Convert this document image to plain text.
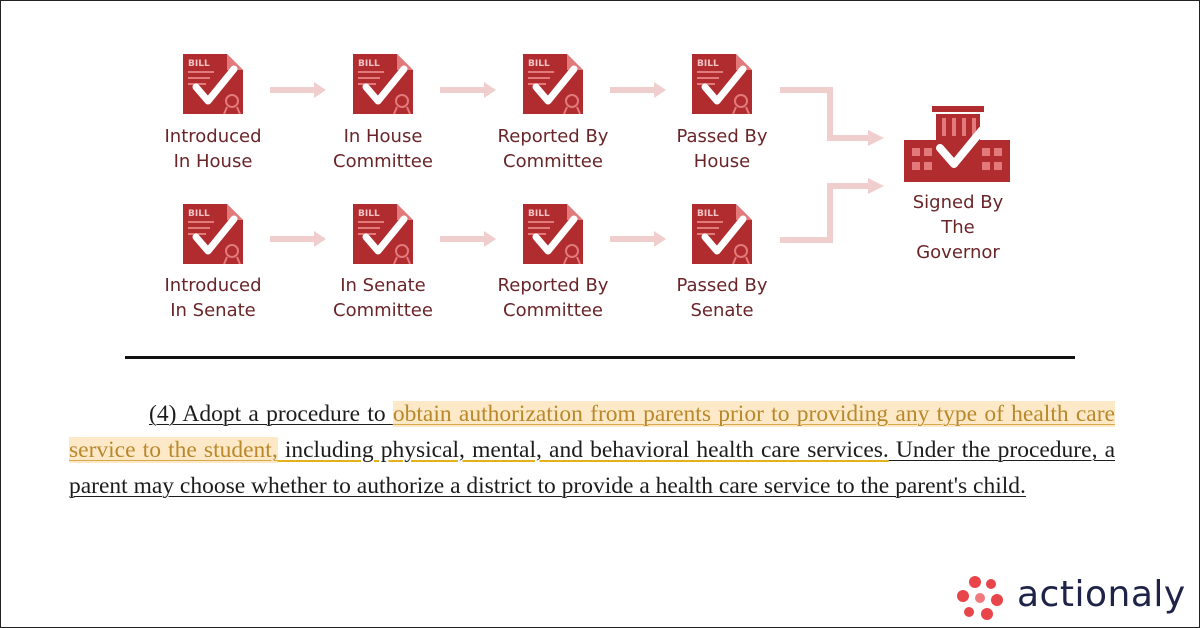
BILL
Introduced
In House
BILL
In House
Committee
BILL
Reported By
Committee
BILL
Passed By
House
BILL
Introduced
In Senate
BILL
In Senate
Committee
BILL
Reported By
Committee
BILL
Passed By
Senate
Signed By
The
Governor
(4) Adopt a procedure to obtain authorization from parents prior to providing any type of health care service to the student, including physical, mental, and behavioral health care services. Under the procedure, a parent may choose whether to authorize a district to provide a health care service to the parent's child.
actionaly
